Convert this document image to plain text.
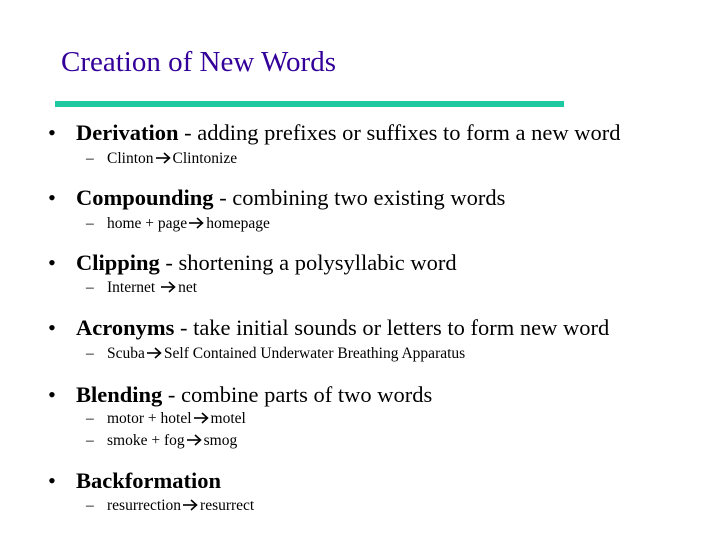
Creation of New Words
• Derivation - adding prefixes or suffixes to form a new word
– Clinton Clintonize
• Compounding - combining two existing words
– home + page homepage
• Clipping - shortening a polysyllabic word
– Internet net
• Acronyms - take initial sounds or letters to form new word
– Scuba Self Contained Underwater Breathing Apparatus
• Blending - combine parts of two words
– motor + hotel motel
– smoke + fog smog
• Backformation
– resurrection resurrect
